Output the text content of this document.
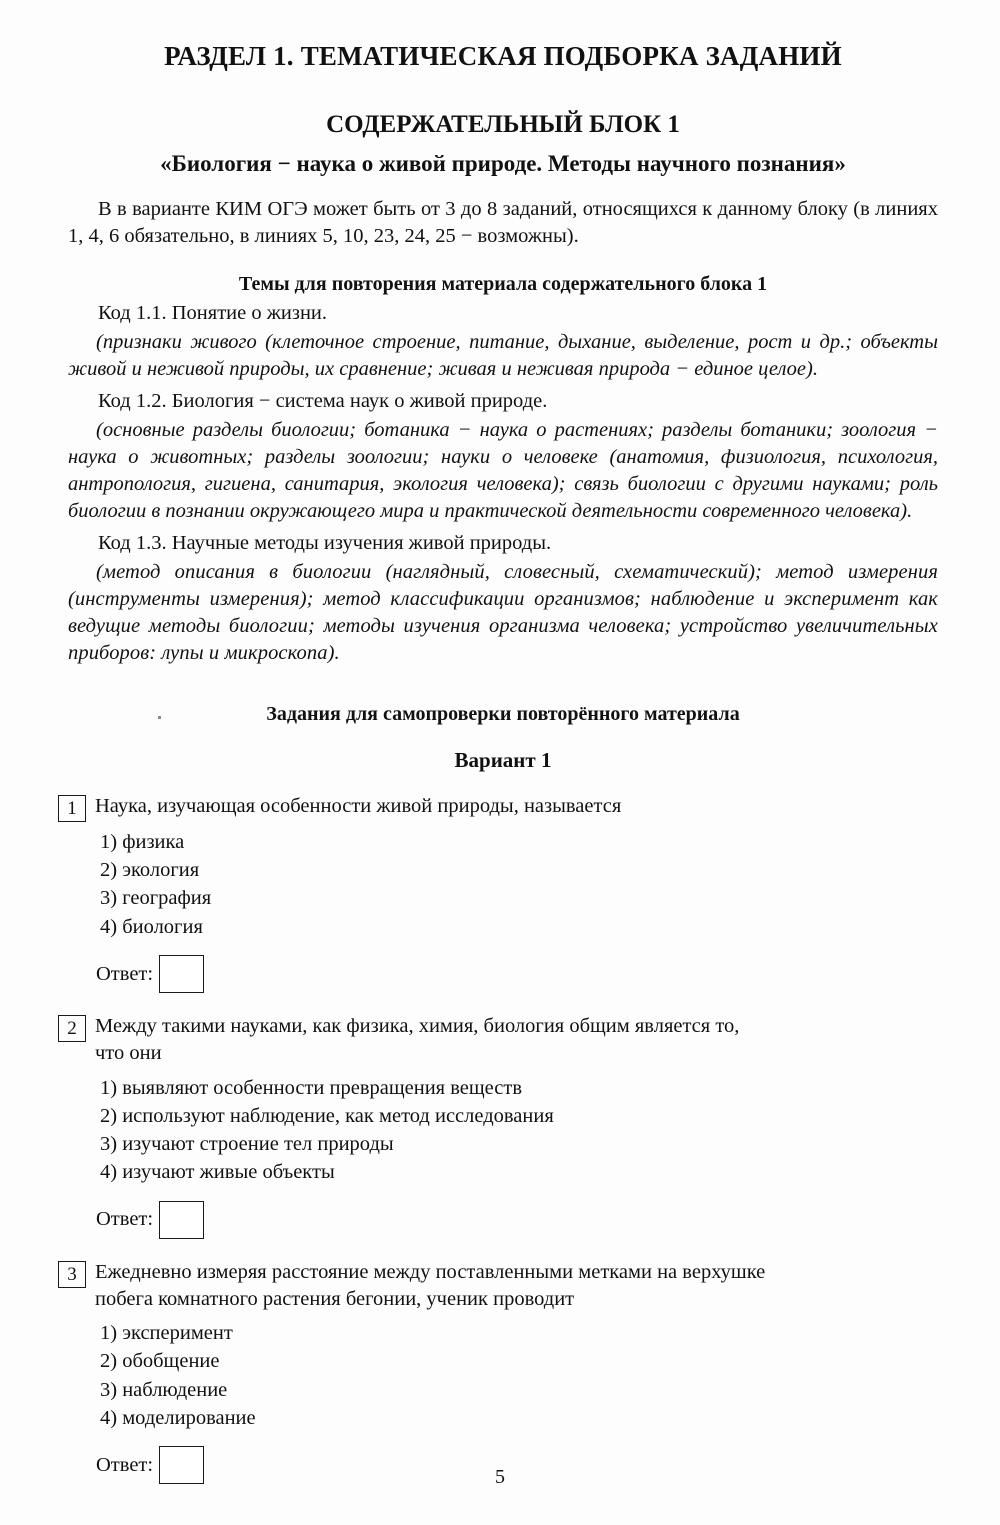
РАЗДЕЛ 1. ТЕМАТИЧЕСКАЯ ПОДБОРКА ЗАДАНИЙ
СОДЕРЖАТЕЛЬНЫЙ БЛОК 1
«Биология − наука о живой природе. Методы научного познания»
В в варианте КИМ ОГЭ может быть от 3 до 8 заданий, относящихся к данному блоку (в линиях 1, 4, 6 обязательно, в линиях 5, 10, 23, 24, 25 − возможны).
Темы для повторения материала содержательного блока 1
Код 1.1. Понятие о жизни.
(признаки живого (клеточное строение, питание, дыхание, выделение, рост и др.; объекты живой и неживой природы, их сравнение; живая и неживая природа − единое целое).
Код 1.2. Биология − система наук о живой природе.
(основные разделы биологии; ботаника − наука о растениях; разделы ботаники; зоология − наука о животных; разделы зоологии; науки о человеке (анатомия, физиология, психология, антропология, гигиена, санитария, экология человека); связь биологии с другими науками; роль биологии в познании окружающего мира и практической деятельности современного человека).
Код 1.3. Научные методы изучения живой природы.
(метод описания в биологии (наглядный, словесный, схематический); метод измерения (инструменты измерения); метод классификации организмов; наблюдение и эксперимент как ведущие методы биологии; методы изучения организма человека; устройство увеличительных приборов: лупы и микроскопа).
Задания для самопроверки повторённого материала
Вариант 1
1 Наука, изучающая особенности живой природы, называется
1) физика
2) экология
3) география
4) биология
Ответ:
2 Между такими науками, как физика, химия, биология общим является то,
что они
1) выявляют особенности превращения веществ
2) используют наблюдение, как метод исследования
3) изучают строение тел природы
4) изучают живые объекты
Ответ:
3 Ежедневно измеряя расстояние между поставленными метками на верхушке
побега комнатного растения бегонии, ученик проводит
1) эксперимент
2) обобщение
3) наблюдение
4) моделирование
Ответ:
5
